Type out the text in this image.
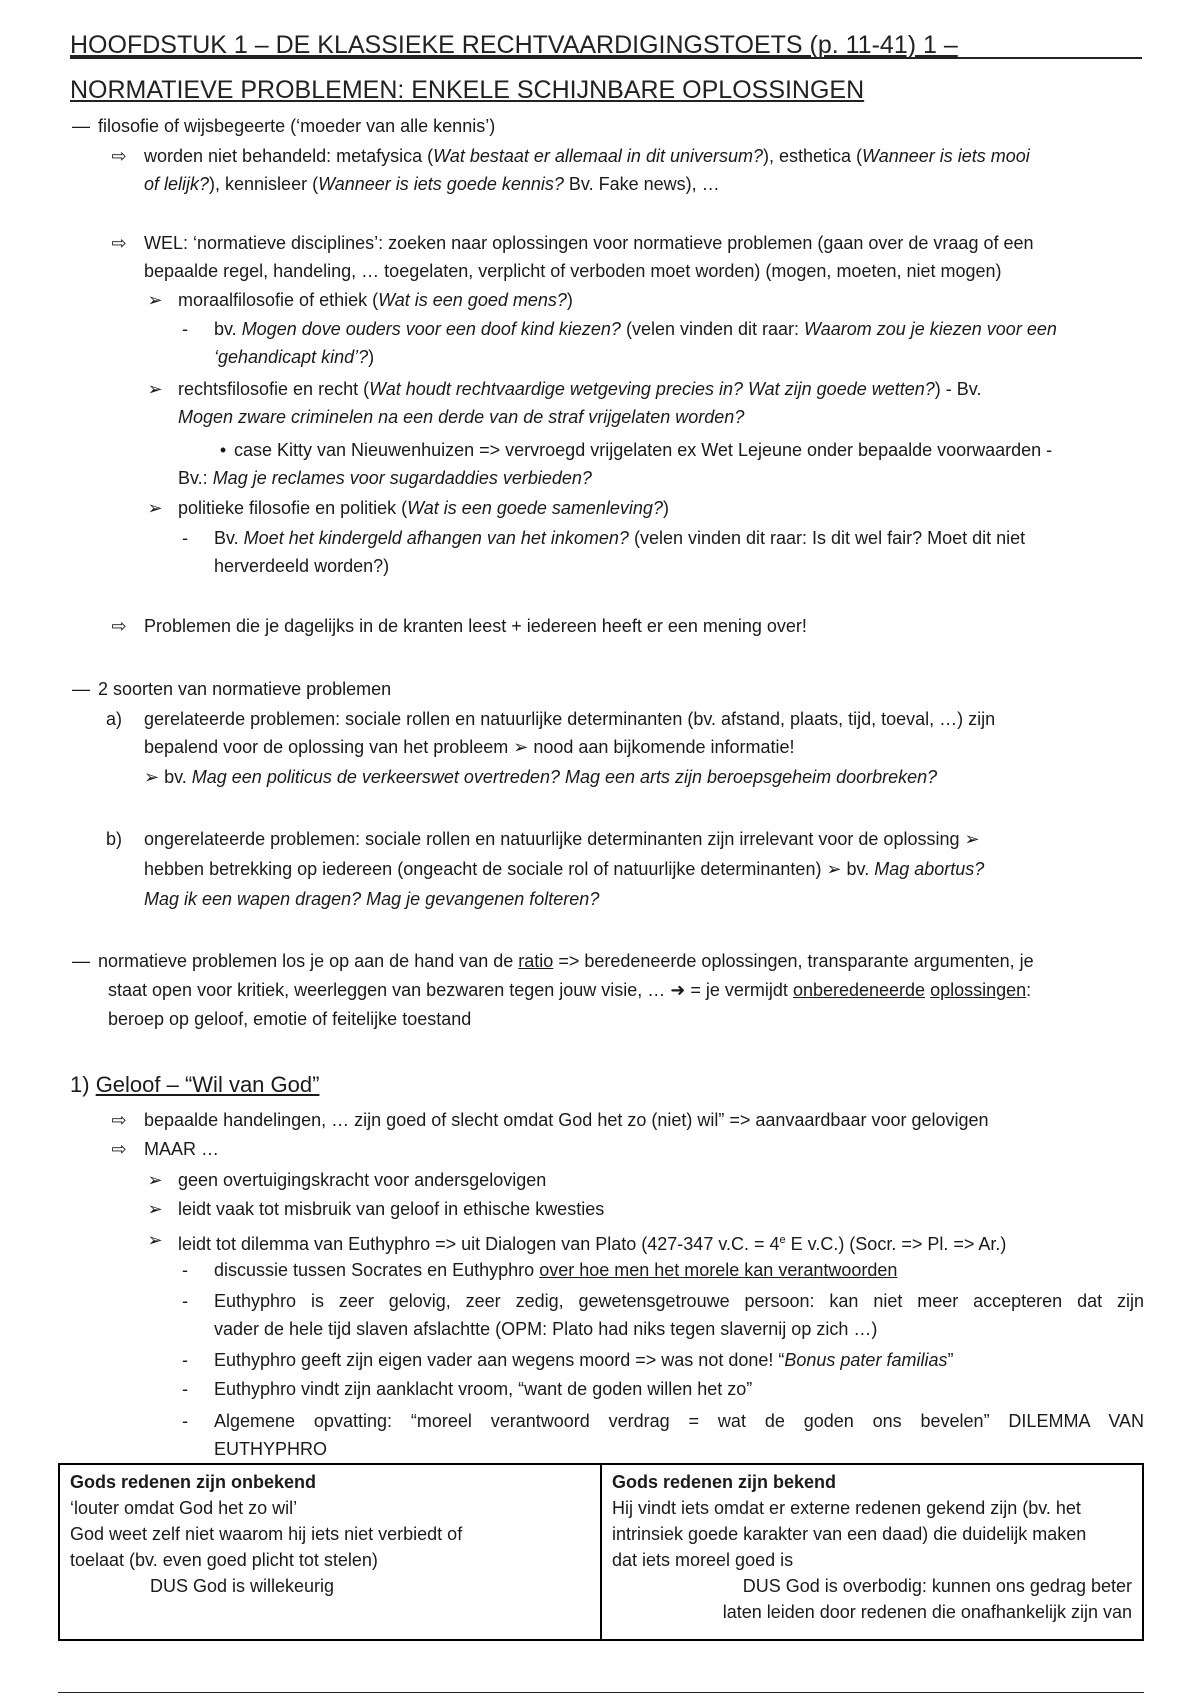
HOOFDSTUK 1 – DE KLASSIEKE RECHTVAARDIGINGSTOETS (p. 11-41) 1 –
NORMATIEVE PROBLEMEN: ENKELE SCHIJNBARE OPLOSSINGEN
— filosofie of wijsbegeerte (‘moeder van alle kennis’)
⇨ worden niet behandeld: metafysica (Wat bestaat er allemaal in dit universum?), esthetica (Wanneer is iets mooi
of lelijk?), kennisleer (Wanneer is iets goede kennis? Bv. Fake news), …
⇨ WEL: ‘normatieve disciplines’: zoeken naar oplossingen voor normatieve problemen (gaan over de vraag of een
bepaalde regel, handeling, … toegelaten, verplicht of verboden moet worden) (mogen, moeten, niet mogen)
➢ moraalfilosofie of ethiek (Wat is een goed mens?)
-	bv. Mogen dove ouders voor een doof kind kiezen? (velen vinden dit raar: Waarom zou je kiezen voor een
‘gehandicapt kind’?)
➢ rechtsfilosofie en recht (Wat houdt rechtvaardige wetgeving precies in? Wat zijn goede wetten?) - Bv.
Mogen zware criminelen na een derde van de straf vrijgelaten worden?
• case Kitty van Nieuwenhuizen => vervroegd vrijgelaten ex Wet Lejeune onder bepaalde voorwaarden -
Bv.: Mag je reclames voor sugardaddies verbieden?
➢ politieke filosofie en politiek (Wat is een goede samenleving?)
-	Bv. Moet het kindergeld afhangen van het inkomen? (velen vinden dit raar: Is dit wel fair? Moet dit niet
herverdeeld worden?)
⇨ Problemen die je dagelijks in de kranten leest + iedereen heeft er een mening over!
— 2 soorten van normatieve problemen
a) gerelateerde problemen: sociale rollen en natuurlijke determinanten (bv. afstand, plaats, tijd, toeval, …) zijn
bepalend voor de oplossing van het probleem ➢ nood aan bijkomende informatie!
➢ bv. Mag een politicus de verkeerswet overtreden? Mag een arts zijn beroepsgeheim doorbreken?
b) ongerelateerde problemen: sociale rollen en natuurlijke determinanten zijn irrelevant voor de oplossing ➢
hebben betrekking op iedereen (ongeacht de sociale rol of natuurlijke determinanten) ➢ bv. Mag abortus?
Mag ik een wapen dragen? Mag je gevangenen folteren?
— normatieve problemen los je op aan de hand van de ratio => beredeneerde oplossingen, transparante argumenten, je
staat open voor kritiek, weerleggen van bezwaren tegen jouw visie, … ➜ = je vermijdt onberedeneerde oplossingen:
beroep op geloof, emotie of feitelijke toestand
1) Geloof – “Wil van God”
⇨ bepaalde handelingen, … zijn goed of slecht omdat God het zo (niet) wil” => aanvaardbaar voor gelovigen
⇨ MAAR …
➢ geen overtuigingskracht voor andersgelovigen
➢ leidt vaak tot misbruik van geloof in ethische kwesties
➢ leidt tot dilemma van Euthyphro => uit Dialogen van Plato (427-347 v.C. = $4^e$ E v.C.) (Socr. => Pl. => Ar.)
-	discussie tussen Socrates en Euthyphro over hoe men het morele kan verantwoorden
-	Euthyphro is zeer gelovig, zeer zedig, gewetensgetrouwe persoon: kan niet meer accepteren dat zijn
vader de hele tijd slaven afslachtte (OPM: Plato had niks tegen slavernij op zich …)
-	Euthyphro geeft zijn eigen vader aan wegens moord => was not done! “Bonus pater familias”
-	Euthyphro vindt zijn aanklacht vroom, “want de goden willen het zo”
-	Algemene opvatting: “moreel verantwoord verdrag = wat de goden ons bevelen” DILEMMA VAN
EUTHYPHRO
Gods redenen zijn onbekend
‘louter omdat God het zo wil’
God weet zelf niet waarom hij iets niet verbiedt of
toelaat (bv. even goed plicht tot stelen)
DUS God is willekeurig

Gods redenen zijn bekend
Hij vindt iets omdat er externe redenen gekend zijn (bv. het
intrinsiek goede karakter van een daad) die duidelijk maken
dat iets moreel goed is
DUS God is overbodig: kunnen ons gedrag beter
laten leiden door redenen die onafhankelijk zijn van
